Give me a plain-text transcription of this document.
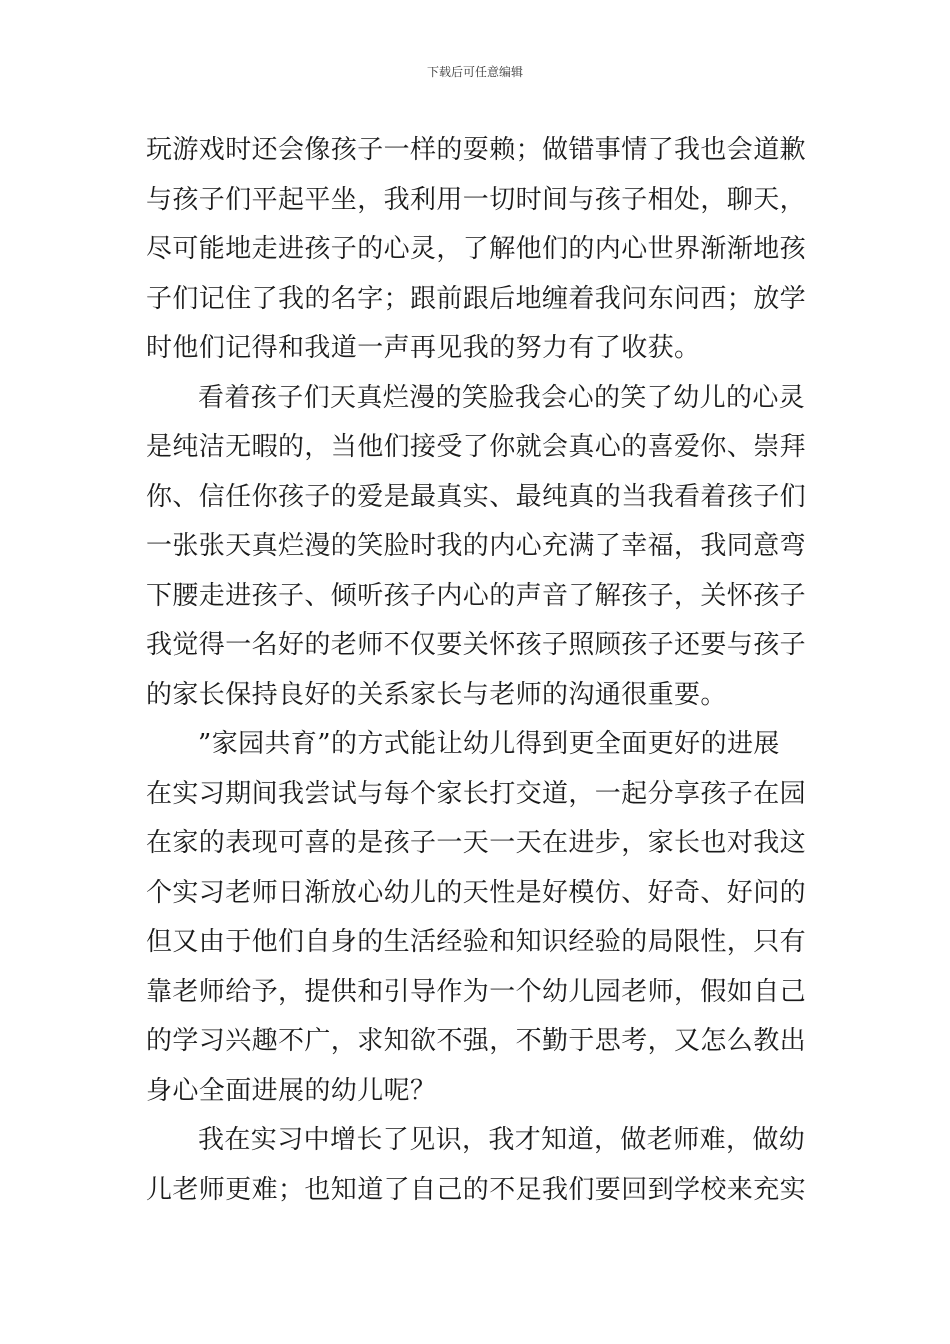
下载后可任意编辑
玩游戏时还会像孩子一样的耍赖；做错事情了我也会道歉
与孩子们平起平坐，我利用一切时间与孩子相处，聊天，
尽可能地走进孩子的心灵，了解他们的内心世界渐渐地孩
子们记住了我的名字；跟前跟后地缠着我问东问西；放学
时他们记得和我道一声再见我的努力有了收获。
看着孩子们天真烂漫的笑脸我会心的笑了幼儿的心灵
是纯洁无暇的，当他们接受了你就会真心的喜爱你、崇拜
你、信任你孩子的爱是最真实、最纯真的当我看着孩子们
一张张天真烂漫的笑脸时我的内心充满了幸福，我同意弯
下腰走进孩子、倾听孩子内心的声音了解孩子，关怀孩子
我觉得一名好的老师不仅要关怀孩子照顾孩子还要与孩子
的家长保持良好的关系家长与老师的沟通很重要。
”家园共育”的方式能让幼儿得到更全面更好的进展
在实习期间我尝试与每个家长打交道，一起分享孩子在园
在家的表现可喜的是孩子一天一天在进步，家长也对我这
个实习老师日渐放心幼儿的天性是好模仿、好奇、好问的
但又由于他们自身的生活经验和知识经验的局限性，只有
靠老师给予，提供和引导作为一个幼儿园老师，假如自己
的学习兴趣不广，求知欲不强，不勤于思考，又怎么教出
身心全面进展的幼儿呢？
我在实习中增长了见识，我才知道，做老师难，做幼
儿老师更难；也知道了自己的不足我们要回到学校来充实
